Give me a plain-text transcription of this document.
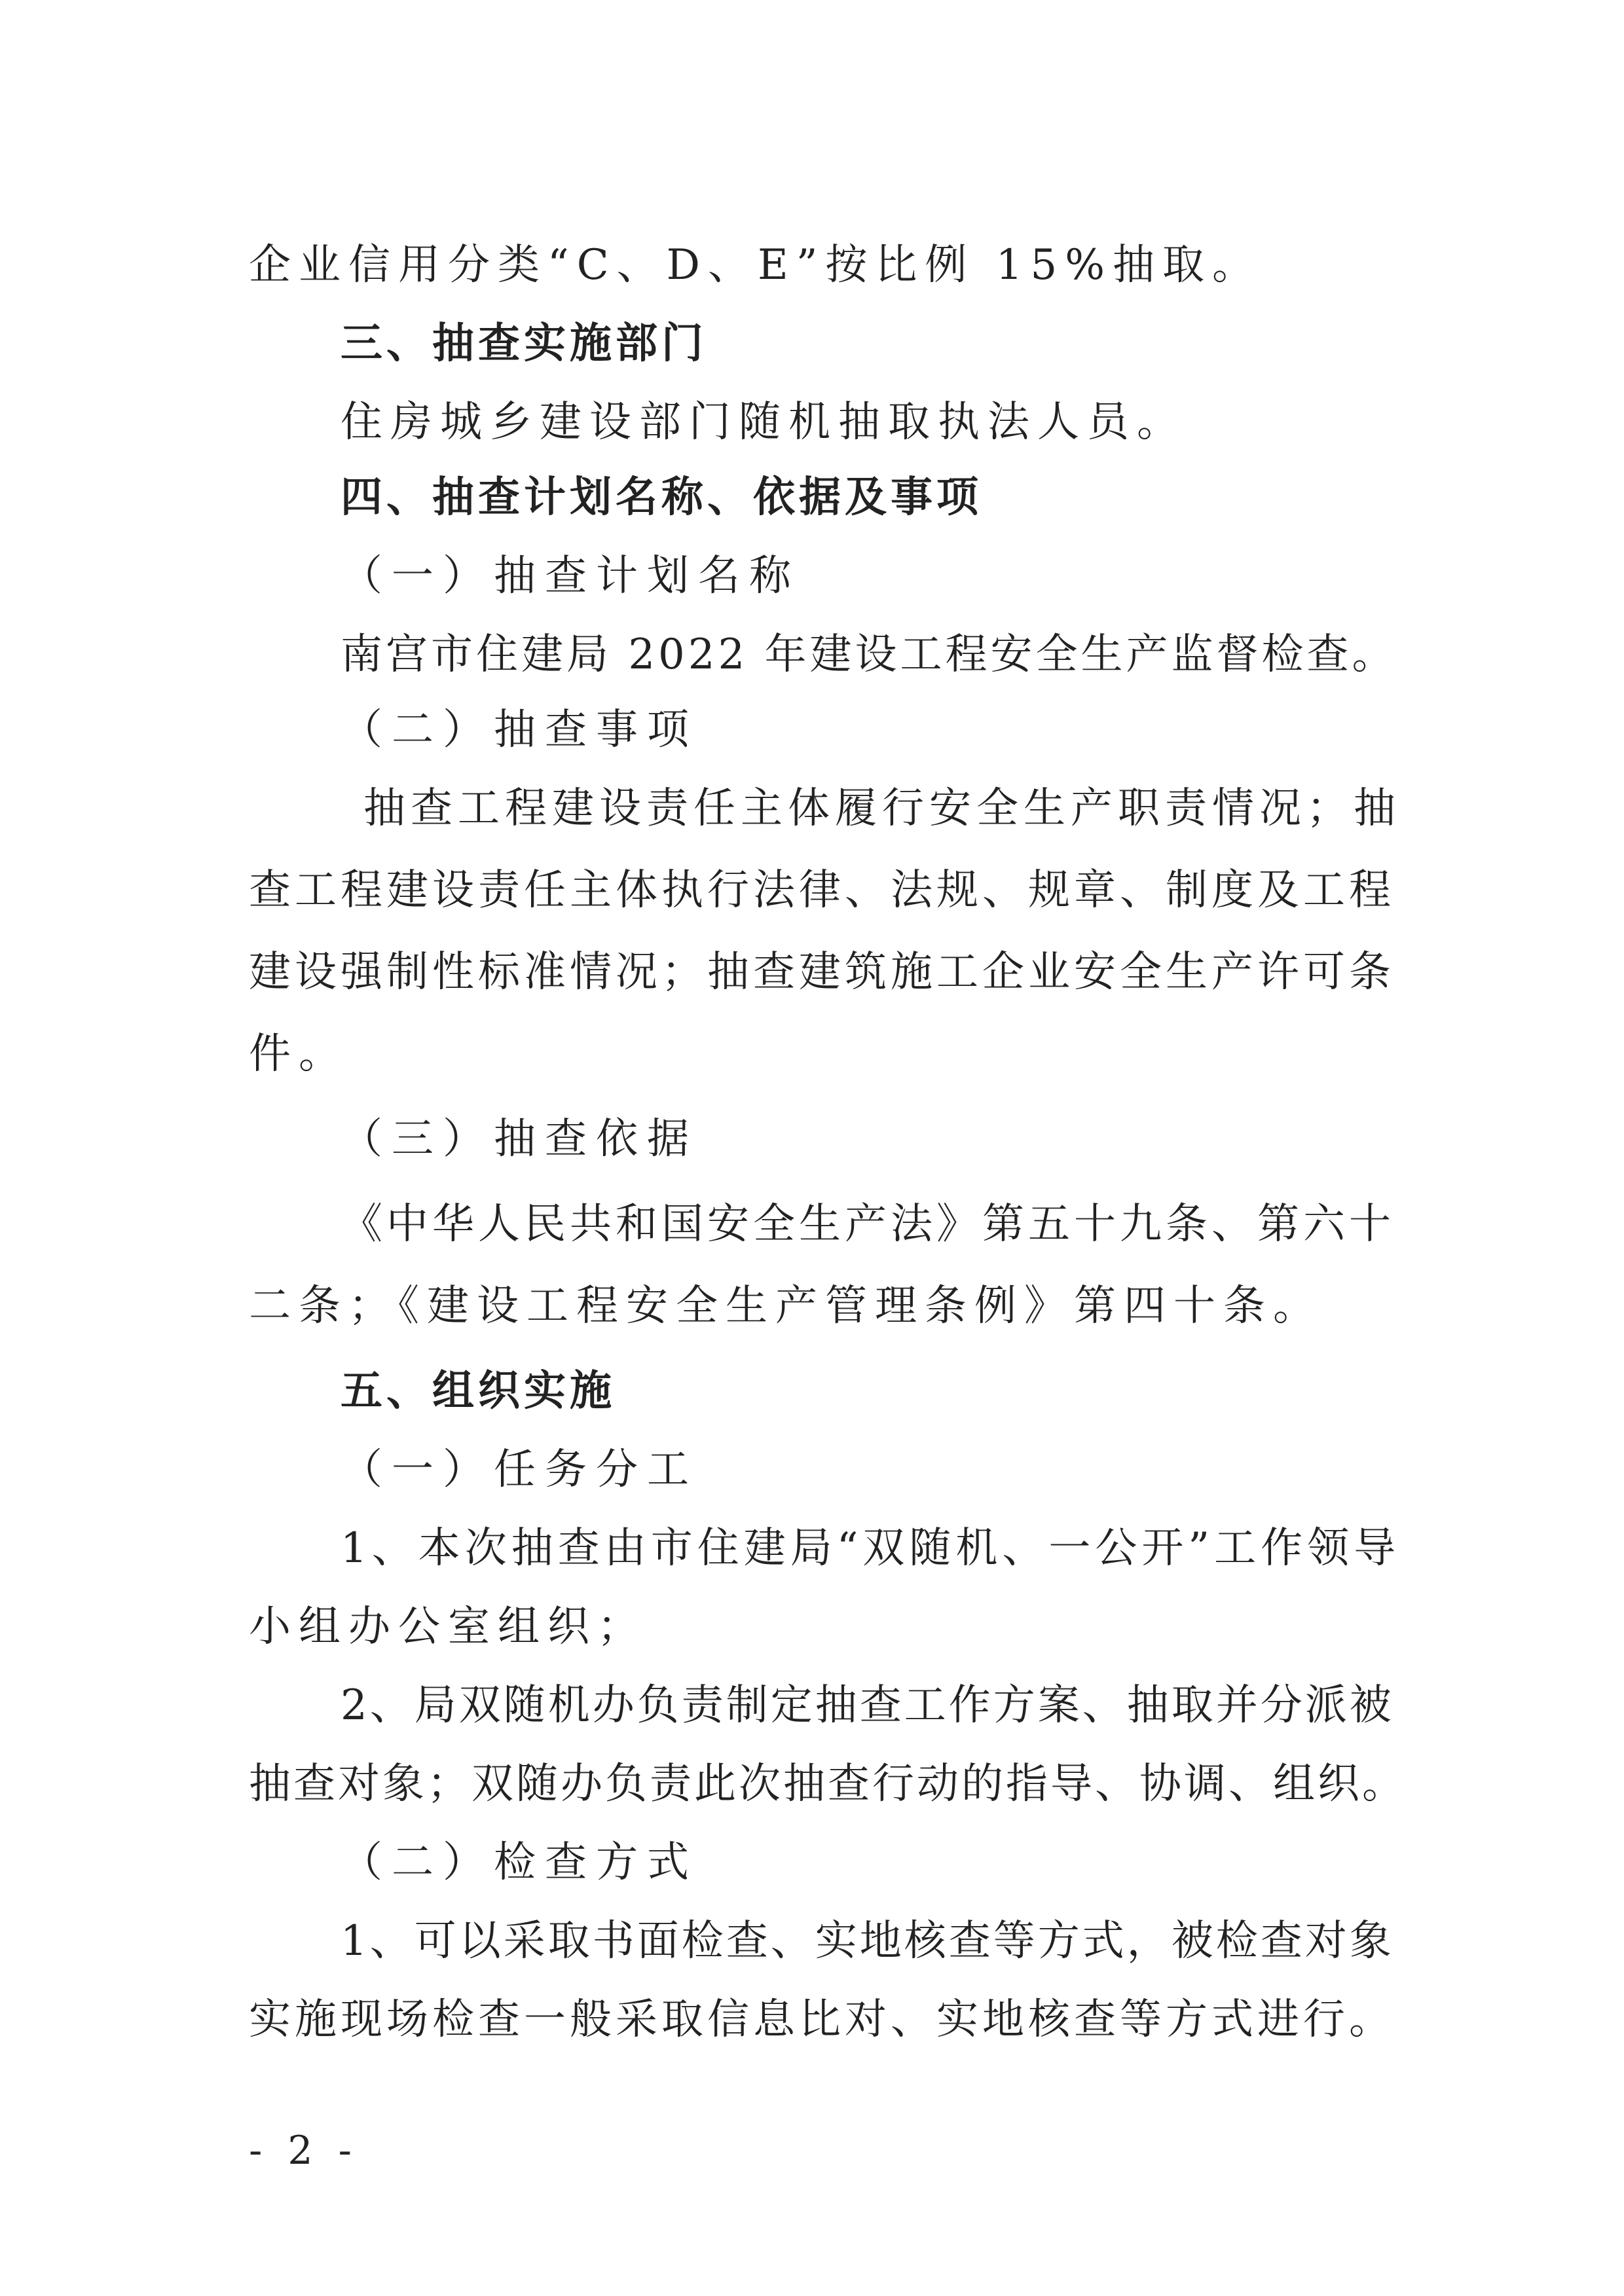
企业信用分类“C、D、E”按比例 15%抽取。

三、抽查实施部门

住房城乡建设部门随机抽取执法人员。

四、抽查计划名称、依据及事项

（一）抽查计划名称

南宫市住建局 2022 年建设工程安全生产监督检查。

（二）抽查事项

抽查工程建设责任主体履行安全生产职责情况；抽

查工程建设责任主体执行法律、法规、规章、制度及工程

建设强制性标准情况；抽查建筑施工企业安全生产许可条

件。

（三）抽查依据

《中华人民共和国安全生产法》第五十九条、第六十

二条；《建设工程安全生产管理条例》第四十条。

五、组织实施

（一）任务分工

1、本次抽查由市住建局“双随机、一公开”工作领导

小组办公室组织；

2、局双随机办负责制定抽查工作方案、抽取并分派被

抽查对象；双随办负责此次抽查行动的指导、协调、组织。

（二）检查方式

1、可以采取书面检查、实地核查等方式，被检查对象

实施现场检查一般采取信息比对、实地核查等方式进行。

- 2 -
